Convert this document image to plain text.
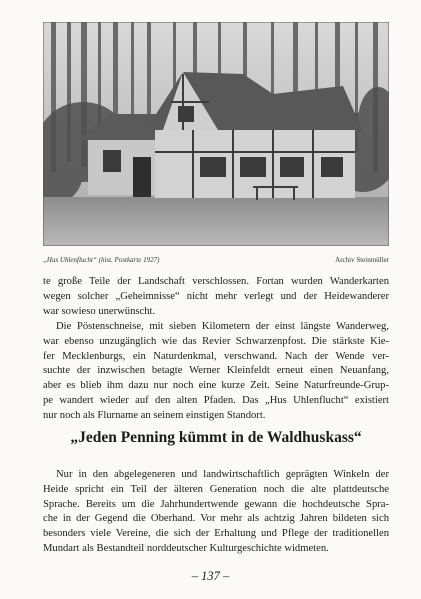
„Hus Uhlenflucht“ (hist. Postkarte 1927)	Archiv Steinmüller

te große Teile der Landschaft verschlossen. Fortan wurden Wanderkarten
wegen solcher „Geheimnisse“ nicht mehr verlegt und der Heidewanderer
war sowieso unerwünscht.

Die Pöstenschneise, mit sieben Kilometern der einst längste Wanderweg,
war ebenso unzugänglich wie das Revier Schwarzenpfost. Die stärkste Kie-
fer Mecklenburgs, ein Naturdenkmal, verschwand. Nach der Wende ver-
suchte der inzwischen betagte Werner Kleinfeldt erneut einen Neuanfang,
aber es blieb ihm dazu nur noch eine kurze Zeit. Seine Naturfreunde-Grup-
pe wandert wieder auf den alten Pfaden. Das „Hus Uhlenflucht“ existiert
nur noch als Flurname an seinem einstigen Standort.

„Jeden Penning kümmt in de Waldhuskass“

Nur in den abgelegeneren und landwirtschaftlich geprägten Winkeln der
Heide spricht ein Teil der älteren Generation noch die alte plattdeutsche
Sprache. Bereits um die Jahrhundertwende gewann die hochdeutsche Spra-
che in der Gegend die Oberhand. Vor mehr als achtzig Jahren bildeten sich
besonders viele Vereine, die sich der Erhaltung und Pflege der traditionellen
Mundart als Bestandteil norddeutscher Kulturgeschichte widmeten.

– 137 –
